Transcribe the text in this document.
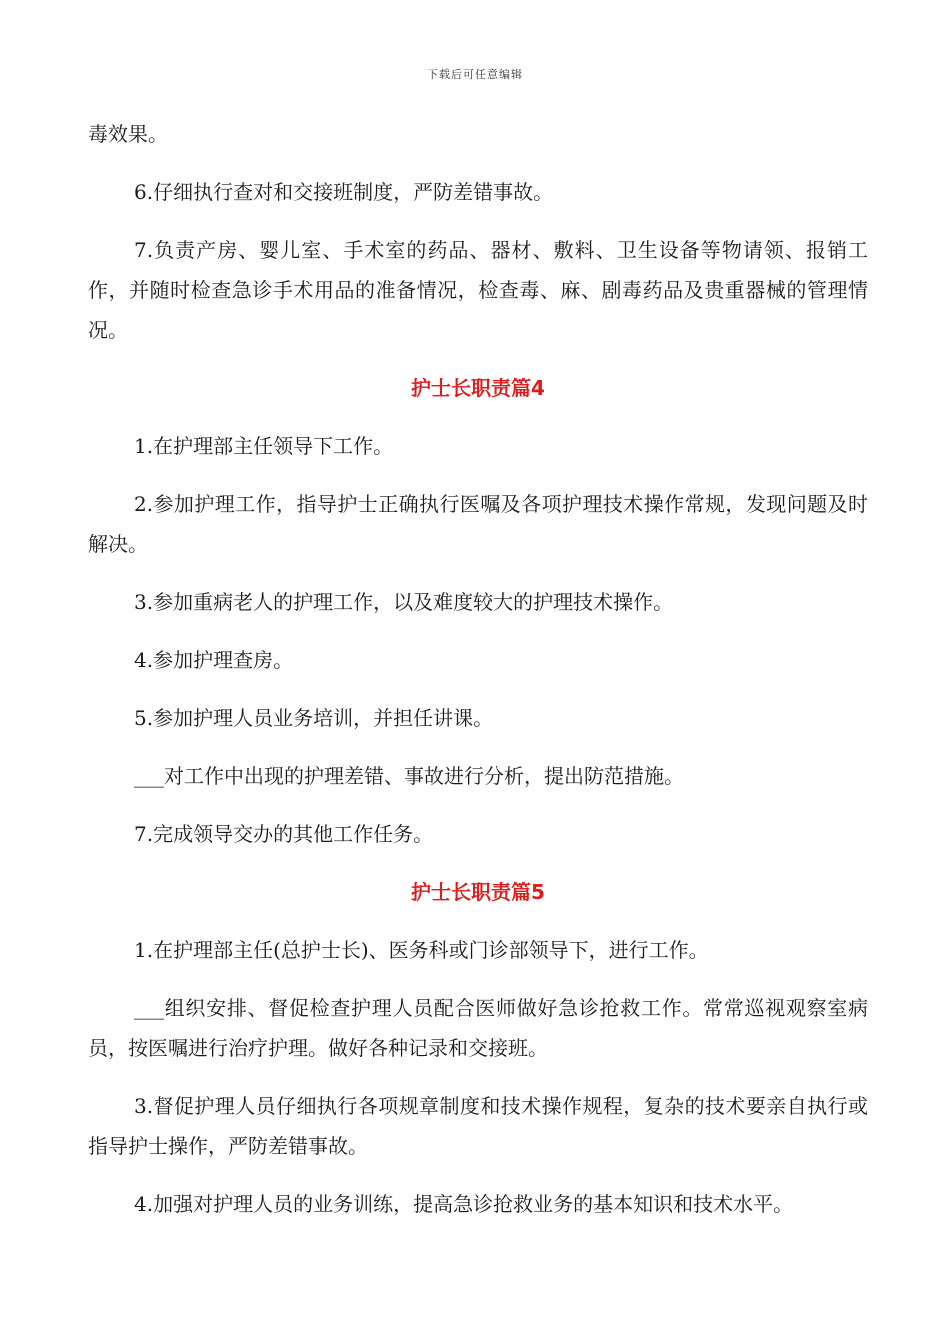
下载后可任意编辑

毒效果。

6.仔细执行查对和交接班制度，严防差错事故。

7.负责产房、婴儿室、手术室的药品、器材、敷料、卫生设备等物请领、报销工作，并随时检查急诊手术用品的准备情况，检查毒、麻、剧毒药品及贵重器械的管理情况。

护士长职责篇4

1.在护理部主任领导下工作。

2.参加护理工作，指导护士正确执行医嘱及各项护理技术操作常规，发现问题及时解决。

3.参加重病老人的护理工作，以及难度较大的护理技术操作。

4.参加护理查房。

5.参加护理人员业务培训，并担任讲课。

___对工作中出现的护理差错、事故进行分析，提出防范措施。

7.完成领导交办的其他工作任务。

护士长职责篇5

1.在护理部主任(总护士长)、医务科或门诊部领导下，进行工作。

___组织安排、督促检查护理人员配合医师做好急诊抢救工作。常常巡视观察室病员，按医嘱进行治疗护理。做好各种记录和交接班。

3.督促护理人员仔细执行各项规章制度和技术操作规程，复杂的技术要亲自执行或指导护士操作，严防差错事故。

4.加强对护理人员的业务训练，提高急诊抢救业务的基本知识和技术水平。
